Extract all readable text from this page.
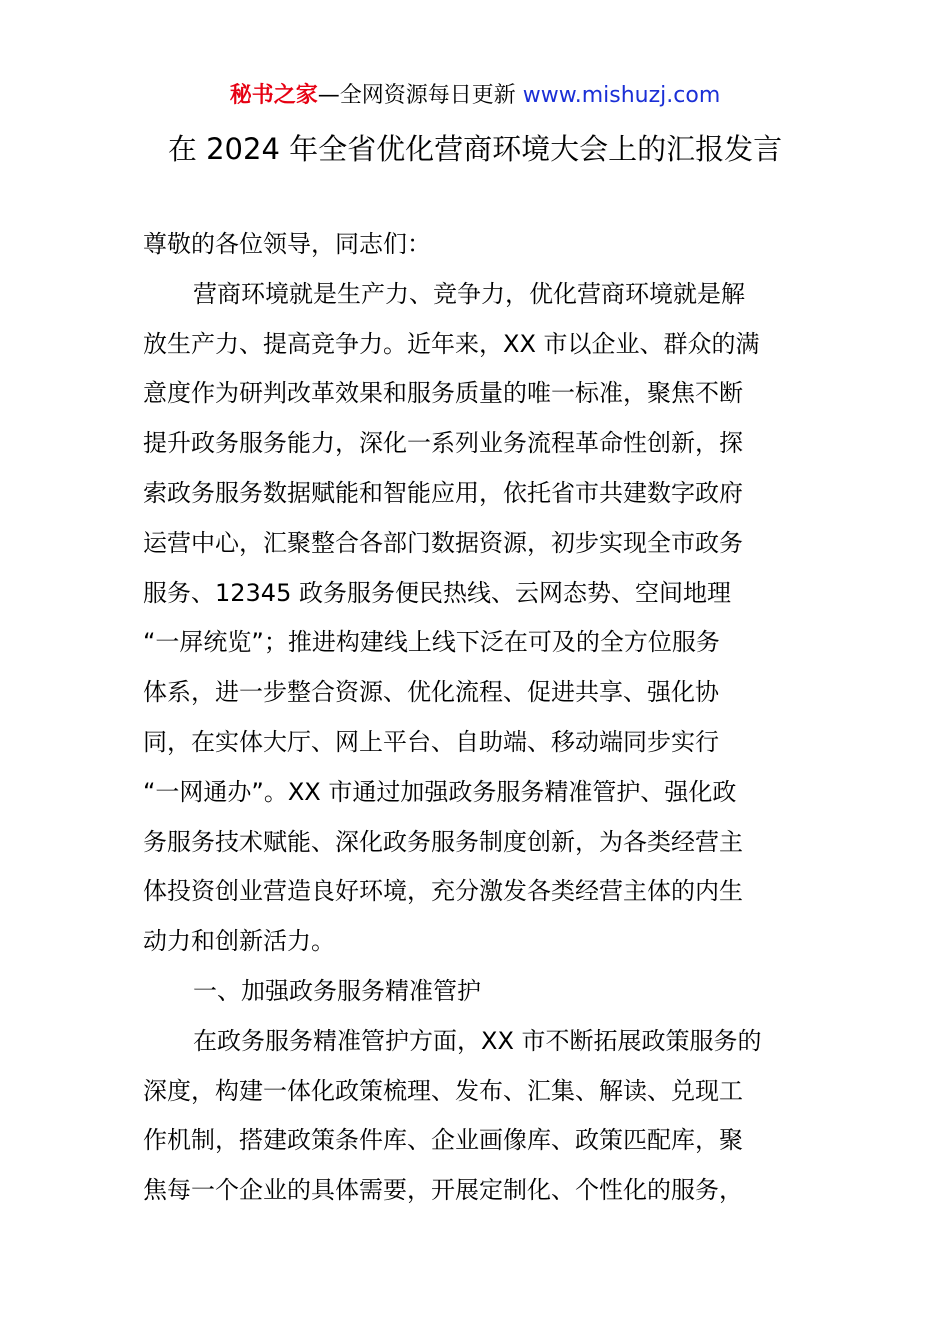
秘书之家—全网资源每日更新 www.mishuzj.com
在 2024 年全省优化营商环境大会上的汇报发言
尊敬的各位领导，同志们：
营商环境就是生产力、竞争力，优化营商环境就是解
放生产力、提高竞争力。近年来，XX 市以企业、群众的满
意度作为研判改革效果和服务质量的唯一标准，聚焦不断
提升政务服务能力，深化一系列业务流程革命性创新，探
索政务服务数据赋能和智能应用，依托省市共建数字政府
运营中心，汇聚整合各部门数据资源，初步实现全市政务
服务、12345 政务服务便民热线、云网态势、空间地理
“一屏统览”；推进构建线上线下泛在可及的全方位服务
体系，进一步整合资源、优化流程、促进共享、强化协
同，在实体大厅、网上平台、自助端、移动端同步实行
“一网通办”。XX 市通过加强政务服务精准管护、强化政
务服务技术赋能、深化政务服务制度创新，为各类经营主
体投资创业营造良好环境，充分激发各类经营主体的内生
动力和创新活力。
一、加强政务服务精准管护
在政务服务精准管护方面，XX 市不断拓展政策服务的
深度，构建一体化政策梳理、发布、汇集、解读、兑现工
作机制，搭建政策条件库、企业画像库、政策匹配库，聚
焦每一个企业的具体需要，开展定制化、个性化的服务，
